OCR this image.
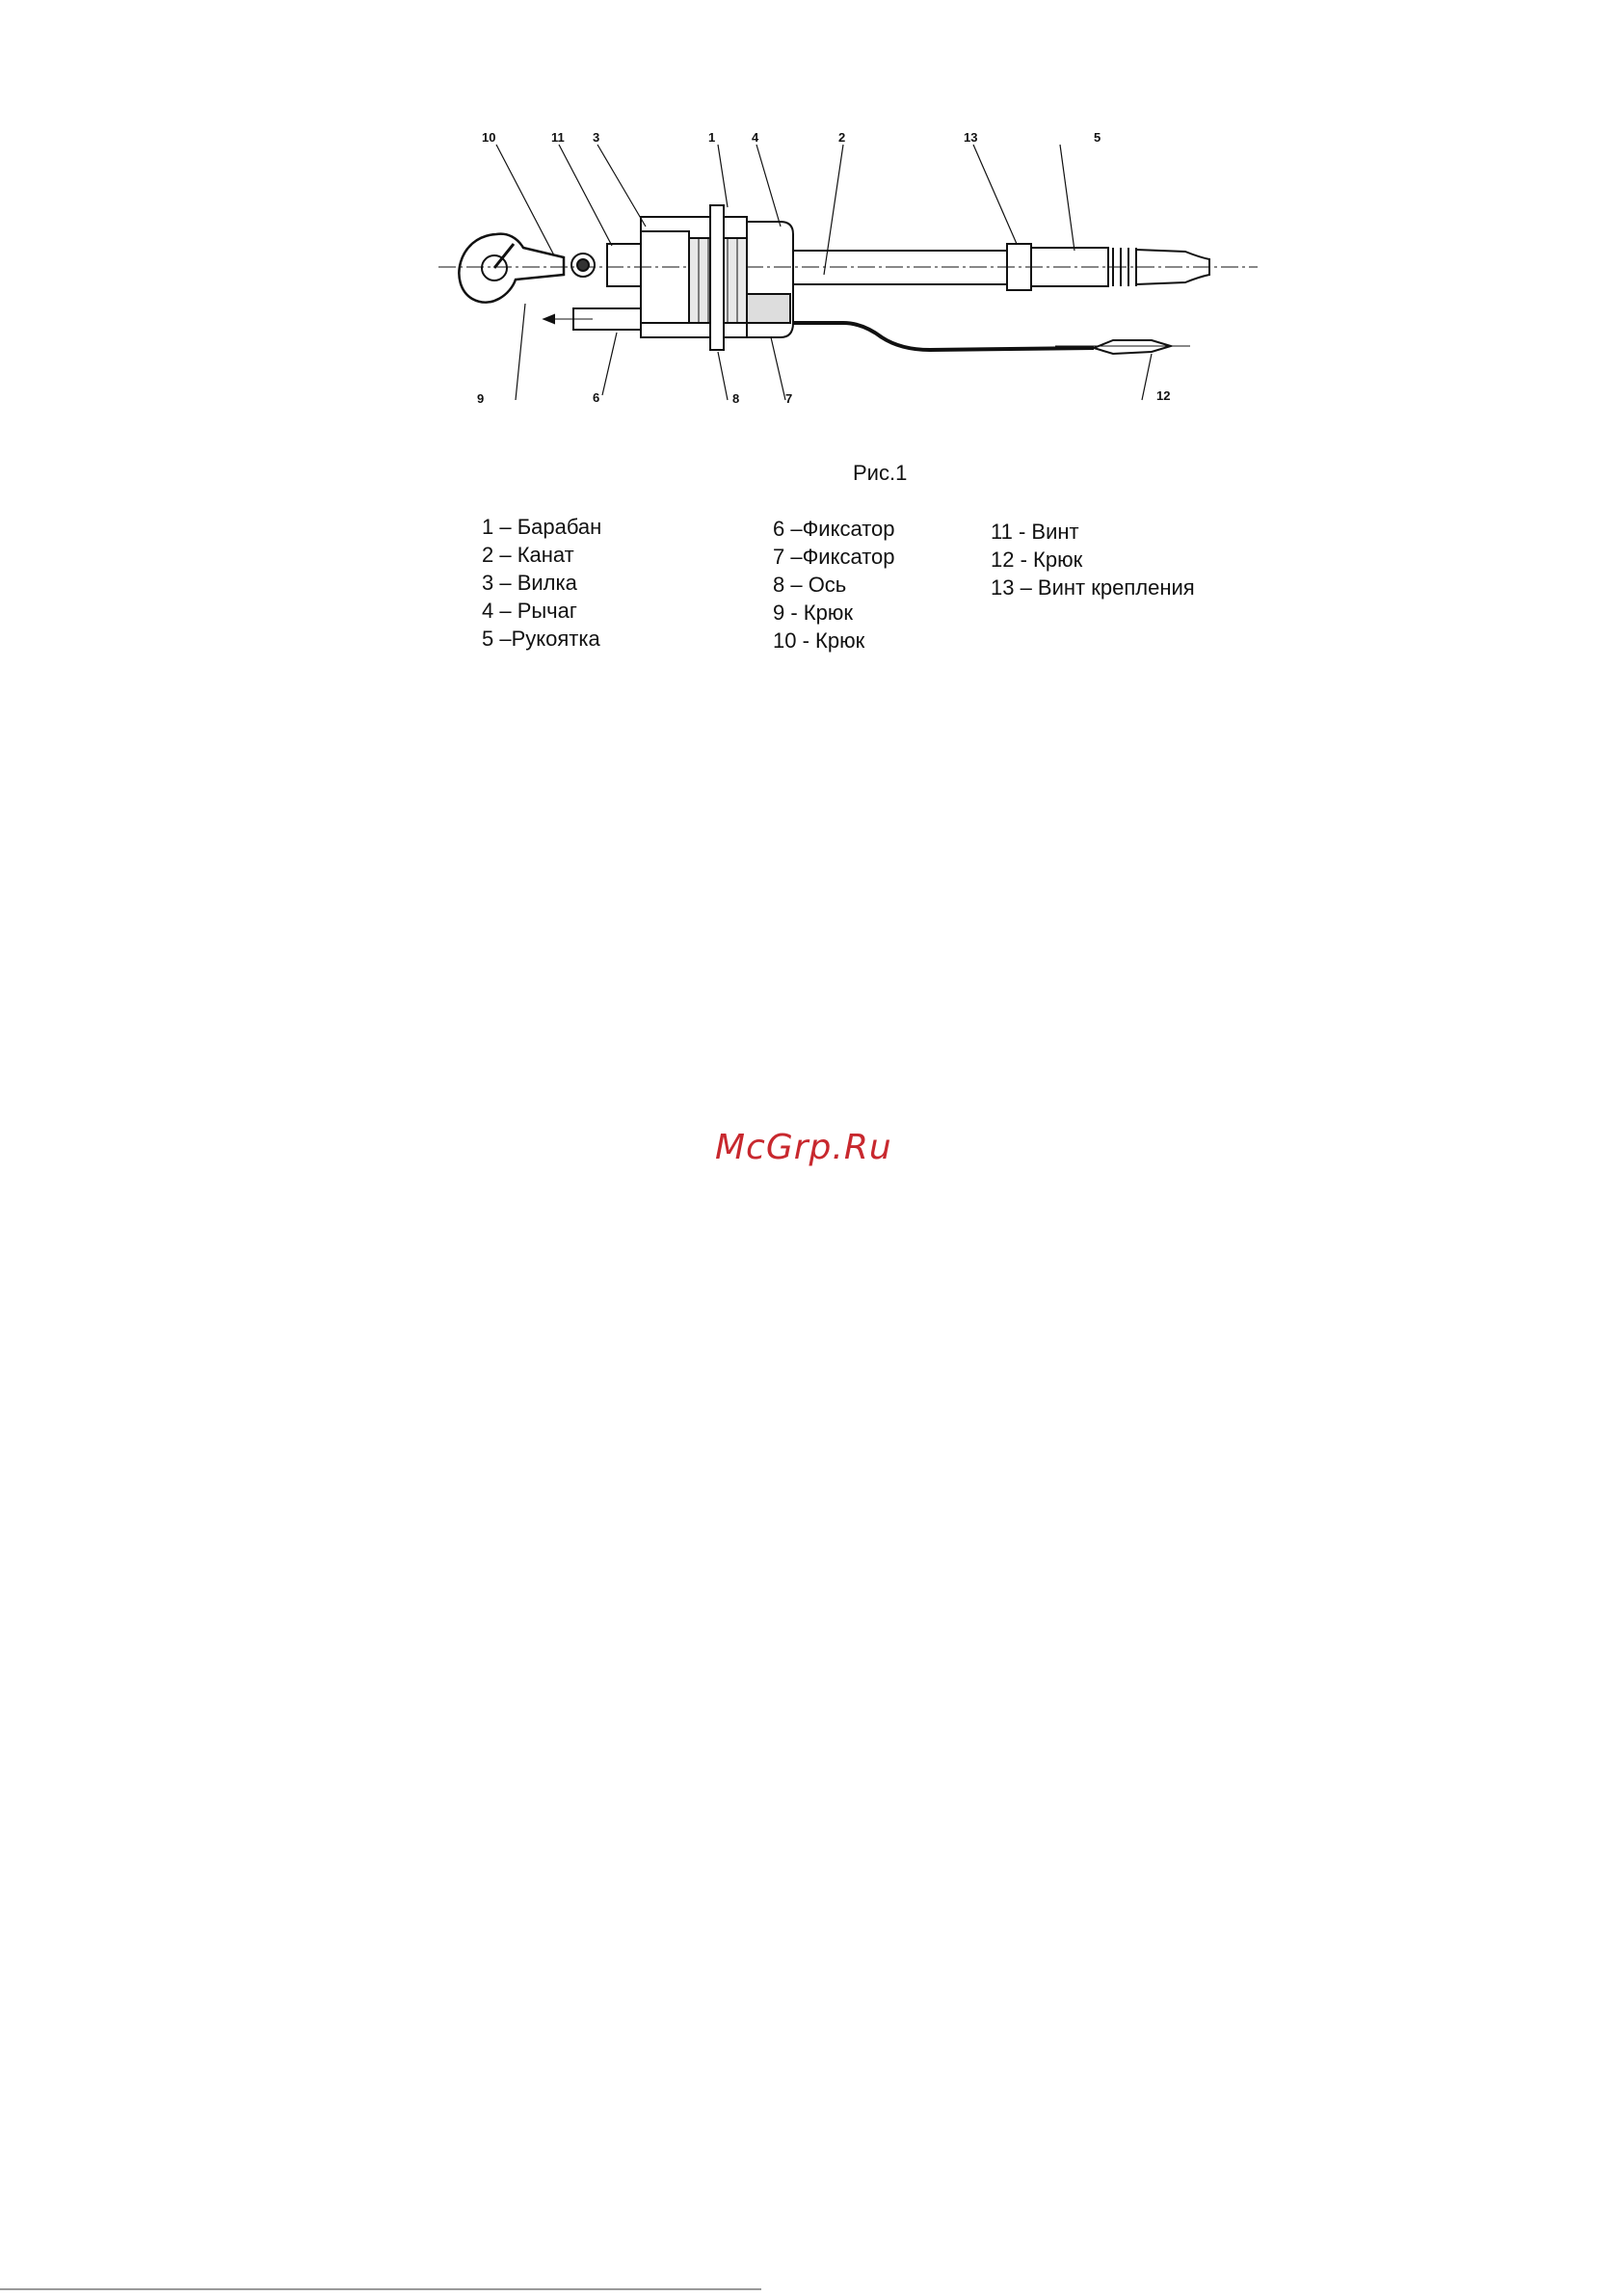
10	11 3	1	4	2	13	5
9	6	8	7	12
Рис.1
1 – Барабан
2 – Канат
3 – Вилка
4 – Рычаг
5 –Рукоятка
6 –Фиксатор
7 –Фиксатор
8 – Ось
9 - Крюк
10 - Крюк
11 - Винт
12 - Крюк
13 – Винт крепления
McGrp.Ru
